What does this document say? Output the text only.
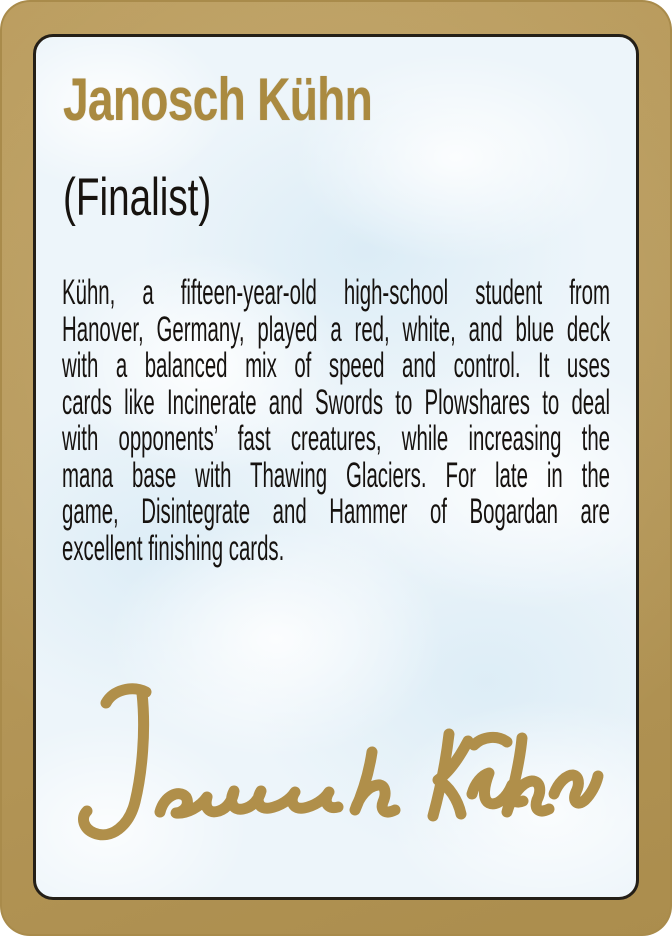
Janosch Kühn
(Finalist)
Kühn, a fifteen-year-old high-school student from
Hanover, Germany, played a red, white, and blue deck
with a balanced mix of speed and control. It uses
cards like Incinerate and Swords to Plowshares to deal
with opponents’ fast creatures, while increasing the
mana base with Thawing Glaciers. For late in the
game, Disintegrate and Hammer of Bogardan are
excellent finishing cards.
